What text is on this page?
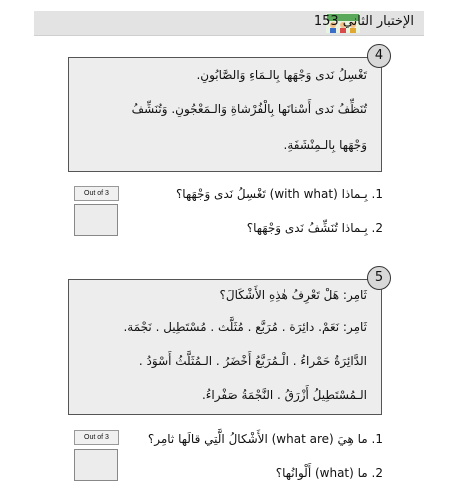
الإختبار الثاني 153
تَغْسِلُ نَدى وَجْهَها بِالـمَاءِ وَالصَّابُونِ.
تُنَظِّفُ نَدى أَسْنانَها بِالْفُرْشاةِ وَالـمَعْجُونِ. وَتُنَشِّفُ
وَجْهَها بِالـمِنْشَفَةِ.
4
Out of 3	1. بِـماذا (with what) تَغْسِلُ نَدى وَجْهَها؟
2. بِـماذا تُنَشِّفُ نَدى وَجْهَها؟
ثَامِر: هَلْ تَعْرِفُ هٰذِهِ الأَشْكَالَ؟
ثَامِر: نَعَمْ. دائِرَة . مُرَبَّع . مُثَلَّث . مُسْتَطِيل . نَجْمَة.
الدَّائِرَةُ حَمْراءُ . الْـمُرَبَّعُ أَخْضَرُ . الـمُثَلَّثُ أَسْوَدُ .
الـمُسْتَطِيلُ أَزْرَقُ . النَّجْمَةُ صَفْراءُ.
5
Out of 3	1. ما هِيَ (what are) الأَشْكالُ الَّتِي قالَها ثامِر؟
2. ما (what) أَلْوانُها؟
